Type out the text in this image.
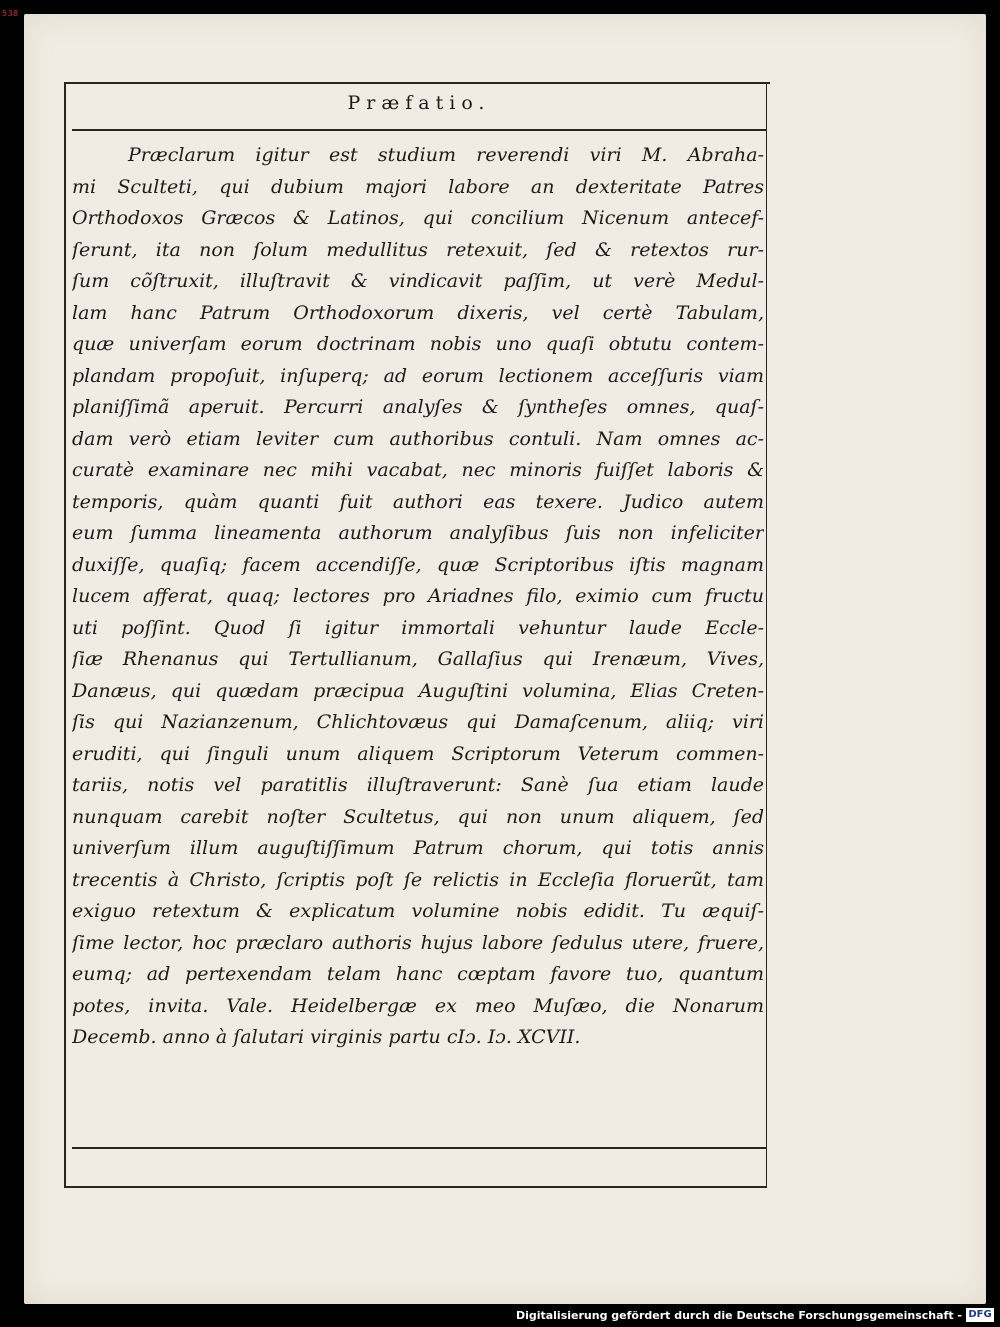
538
Præfatio.
Præclarum igitur est studium reverendi viri M. Abraha-
mi Sculteti, qui dubium majori labore an dexteritate Patres
Orthodoxos Græcos & Latinos, qui concilium Nicenum antecef-
ſerunt, ita non ſolum medullitus retexuit, ſed & retextos rur-
ſum cõſtruxit, illuſtravit & vindicavit paſſim, ut verè Medul-
lam hanc Patrum Orthodoxorum dixeris, vel certè Tabulam,
quæ univerſam eorum doctrinam nobis uno quaſi obtutu contem-
plandam propoſuit, inſuperq; ad eorum lectionem acceſſuris viam
planiſſimã aperuit. Percurri analyſes & ſyntheſes omnes, quaſ-
dam verò etiam leviter cum authoribus contuli. Nam omnes ac-
curatè examinare nec mihi vacabat, nec minoris fuiſſet laboris &
temporis, quàm quanti fuit authori eas texere. Judico autem
eum ſumma lineamenta authorum analyſibus ſuis non infeliciter
duxiſſe, quaſiq; facem accendiſſe, quæ Scriptoribus iſtis magnam
lucem afferat, quaq; lectores pro Ariadnes filo, eximio cum fructu
uti poſſint. Quod ſi igitur immortali vehuntur laude Eccle-
ſiæ Rhenanus qui Tertullianum, Gallaſius qui Irenæum, Vives,
Danæus, qui quædam præcipua Auguſtini volumina, Elias Creten-
ſis qui Nazianzenum, Chlichtovæus qui Damaſcenum, aliiq; viri
eruditi, qui ſinguli unum aliquem Scriptorum Veterum commen-
tariis, notis vel paratitlis illuſtraverunt: Sanè ſua etiam laude
nunquam carebit noſter Scultetus, qui non unum aliquem, ſed
univerſum illum auguſtiſſimum Patrum chorum, qui totis annis
trecentis à Christo, ſcriptis poſt ſe relictis in Eccleſia floruerũt, tam
exiguo retextum & explicatum volumine nobis edidit. Tu æquiſ-
ſime lector, hoc præclaro authoris hujus labore ſedulus utere, fruere,
eumq; ad pertexendam telam hanc cœptam favore tuo, quantum
potes, invita. Vale. Heidelbergæ ex meo Muſæo, die Nonarum
Decemb. anno à ſalutari virginis partu cIɔ. Iɔ. XCVII.
Digitalisierung gefördert durch die Deutsche Forschungsgemeinschaft - DFG
